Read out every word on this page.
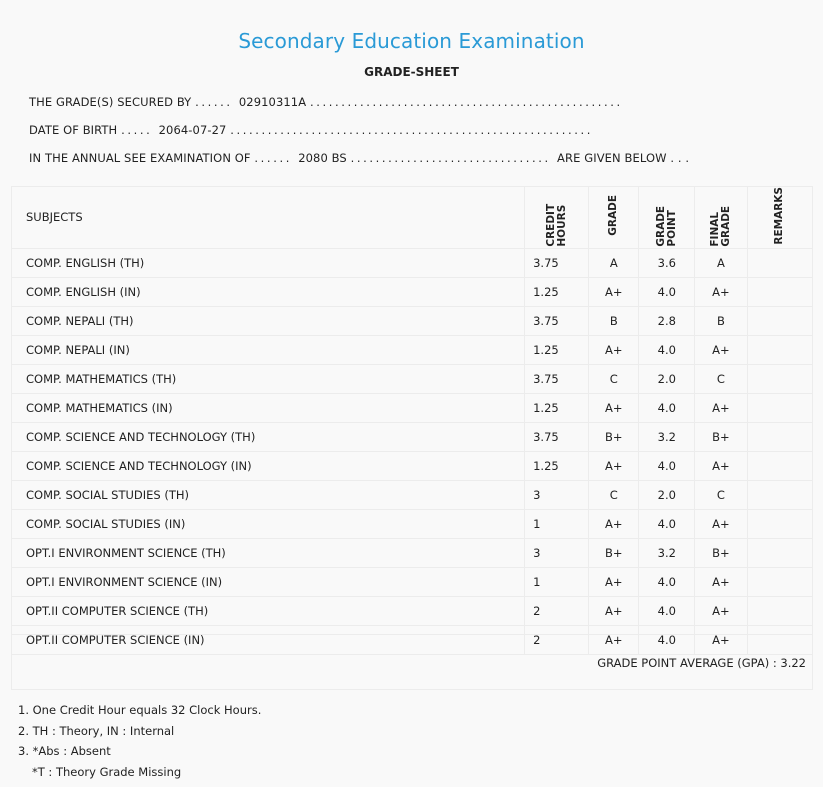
Secondary Education Examination
GRADE-SHEET
THE GRADE(S) SECURED BY ...... 02910311A ..................................................
DATE OF BIRTH ..... 2064-07-27 ..........................................................
IN THE ANNUAL SEE EXAMINATION OF ...... 2080 BS ................................ ARE GIVEN BELOW . . .
SUBJECTS	CREDIT HOURS	GRADE	GRADE POINT	FINAL GRADE	REMARKS
COMP. ENGLISH (TH)	3.75	A	3.6	A	
COMP. ENGLISH (IN)	1.25	A+	4.0	A+	
COMP. NEPALI (TH)	3.75	B	2.8	B	
COMP. NEPALI (IN)	1.25	A+	4.0	A+	
COMP. MATHEMATICS (TH)	3.75	C	2.0	C	
COMP. MATHEMATICS (IN)	1.25	A+	4.0	A+	
COMP. SCIENCE AND TECHNOLOGY (TH)	3.75	B+	3.2	B+	
COMP. SCIENCE AND TECHNOLOGY (IN)	1.25	A+	4.0	A+	
COMP. SOCIAL STUDIES (TH)	3	C	2.0	C	
COMP. SOCIAL STUDIES (IN)	1	A+	4.0	A+	
OPT.I ENVIRONMENT SCIENCE (TH)	3	B+	3.2	B+	
OPT.I ENVIRONMENT SCIENCE (IN)	1	A+	4.0	A+	
OPT.II COMPUTER SCIENCE (TH)	2	A+	4.0	A+	
OPT.II COMPUTER SCIENCE (IN)	2	A+	4.0	A+	
GRADE POINT AVERAGE (GPA) : 3.22
1. One Credit Hour equals 32 Clock Hours.
2. TH : Theory, IN : Internal
3. *Abs : Absent
*T : Theory Grade Missing
